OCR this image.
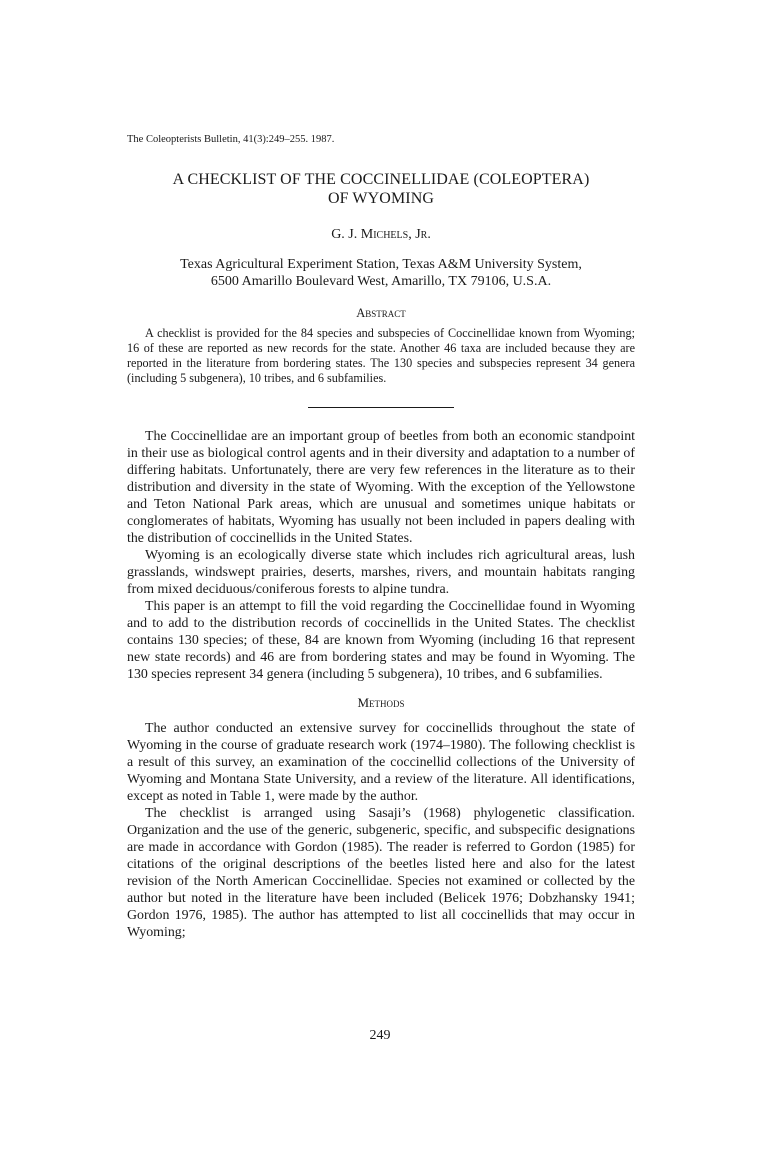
The Coleopterists Bulletin, 41(3):249–255. 1987.

A CHECKLIST OF THE COCCINELLIDAE (COLEOPTERA)
OF WYOMING

G. J. Michels, Jr.

Texas Agricultural Experiment Station, Texas A&M University System,
6500 Amarillo Boulevard West, Amarillo, TX 79106, U.S.A.

Abstract

A checklist is provided for the 84 species and subspecies of Coccinellidae known from Wyoming; 16 of these are reported as new records for the state. Another 46 taxa are included because they are reported in the literature from bordering states. The 130 species and subspecies represent 34 genera (including 5 subgenera), 10 tribes, and 6 subfamilies.

The Coccinellidae are an important group of beetles from both an economic standpoint in their use as biological control agents and in their diversity and adaptation to a number of differing habitats. Unfortunately, there are very few references in the literature as to their distribution and diversity in the state of Wyoming. With the exception of the Yellowstone and Teton National Park areas, which are unusual and sometimes unique habitats or conglomerates of habitats, Wyoming has usually not been included in papers dealing with the distribution of coccinellids in the United States.

Wyoming is an ecologically diverse state which includes rich agricultural areas, lush grasslands, windswept prairies, deserts, marshes, rivers, and mountain habitats ranging from mixed deciduous/coniferous forests to alpine tundra.

This paper is an attempt to fill the void regarding the Coccinellidae found in Wyoming and to add to the distribution records of coccinellids in the United States. The checklist contains 130 species; of these, 84 are known from Wyoming (including 16 that represent new state records) and 46 are from bordering states and may be found in Wyoming. The 130 species represent 34 genera (including 5 subgenera), 10 tribes, and 6 subfamilies.

Methods

The author conducted an extensive survey for coccinellids throughout the state of Wyoming in the course of graduate research work (1974–1980). The following checklist is a result of this survey, an examination of the coccinellid collections of the University of Wyoming and Montana State University, and a review of the literature. All identifications, except as noted in Table 1, were made by the author.

The checklist is arranged using Sasaji’s (1968) phylogenetic classification. Organization and the use of the generic, subgeneric, specific, and subspecific designations are made in accordance with Gordon (1985). The reader is referred to Gordon (1985) for citations of the original descriptions of the beetles listed here and also for the latest revision of the North American Coccinellidae. Species not examined or collected by the author but noted in the literature have been included (Belicek 1976; Dobzhansky 1941; Gordon 1976, 1985). The author has attempted to list all coccinellids that may occur in Wyoming;

249
